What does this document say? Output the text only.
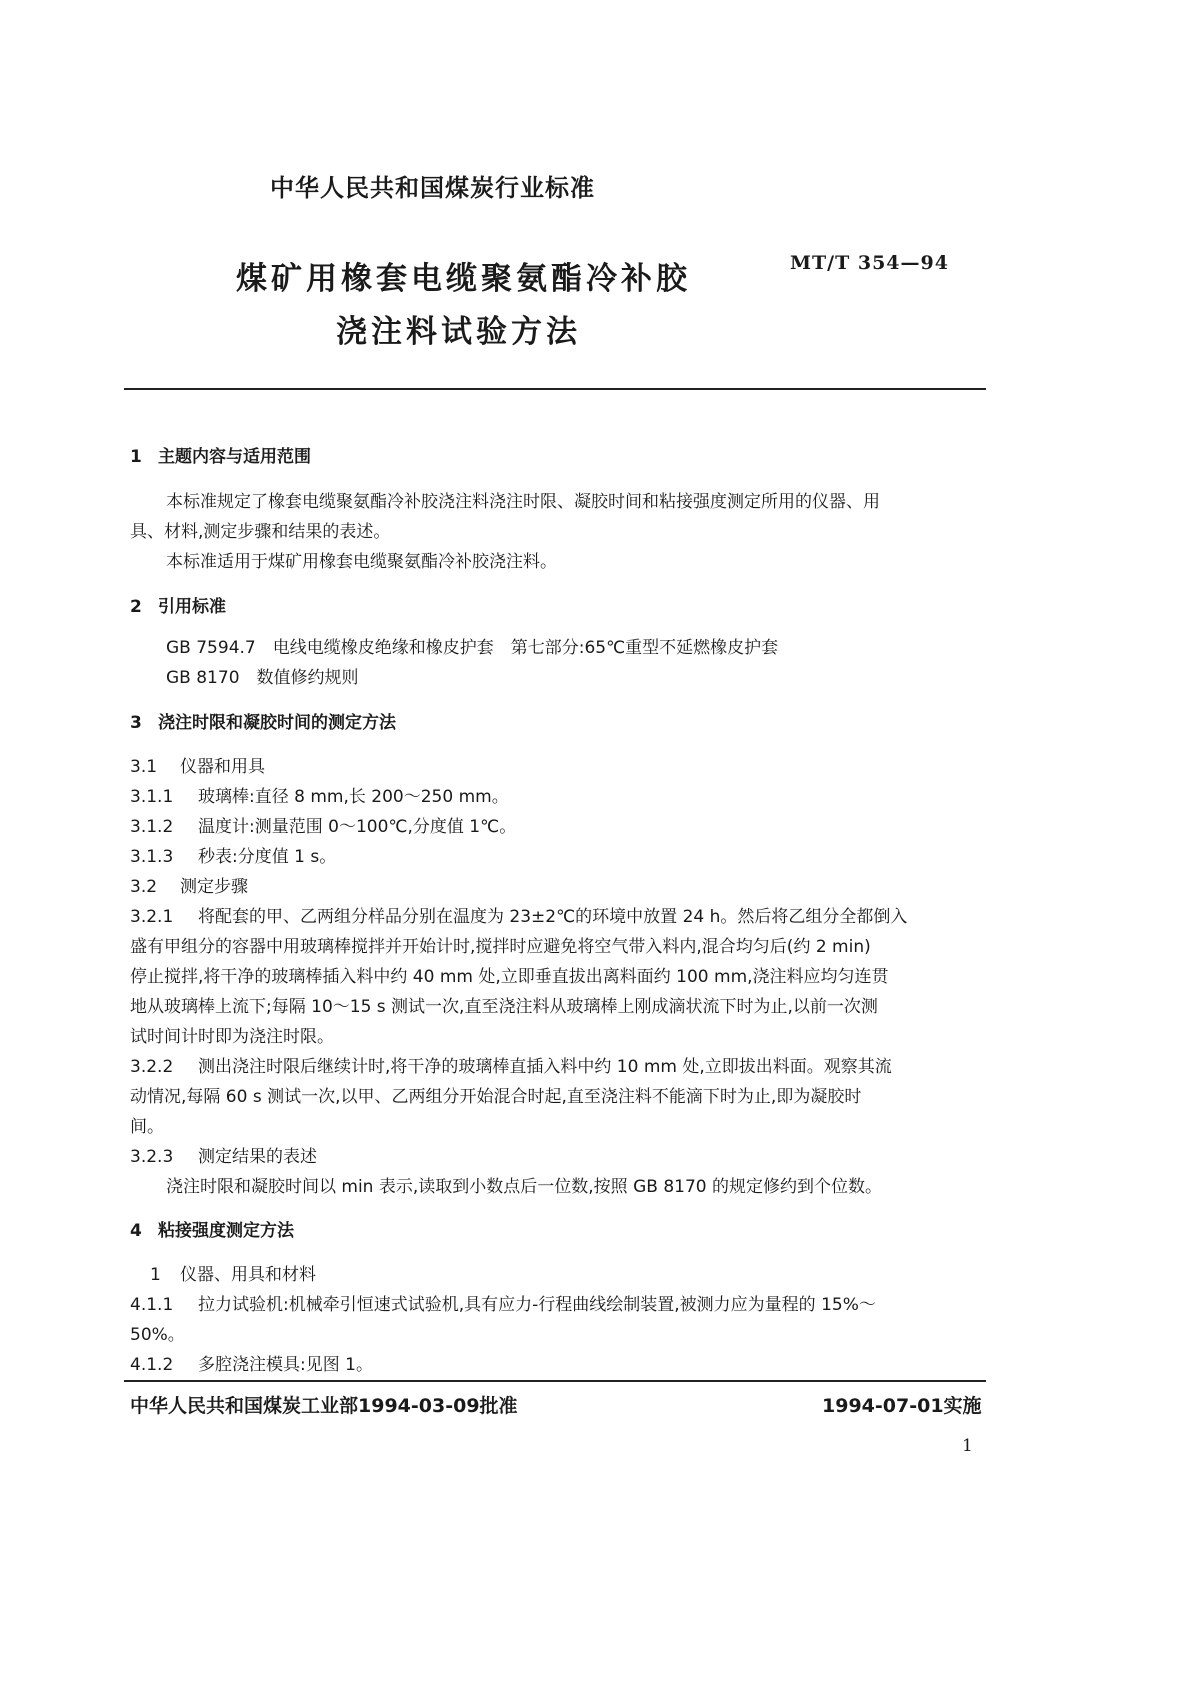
中华人民共和国煤炭行业标准
煤矿用橡套电缆聚氨酯冷补胶
浇注料试验方法
MT/T 354—94
1 主题内容与适用范围
本标准规定了橡套电缆聚氨酯冷补胶浇注料浇注时限、凝胶时间和粘接强度测定所用的仪器、用
具、材料,测定步骤和结果的表述。
本标准适用于煤矿用橡套电缆聚氨酯冷补胶浇注料。
2 引用标准
GB 7594.7　电线电缆橡皮绝缘和橡皮护套　第七部分:65℃重型不延燃橡皮护套
GB 8170　数值修约规则
3 浇注时限和凝胶时间的测定方法
3.1 仪器和用具
3.1.1 玻璃棒:直径 8 mm,长 200～250 mm。
3.1.2 温度计:测量范围 0～100℃,分度值 1℃。
3.1.3 秒表:分度值 1 s。
3.2 测定步骤
3.2.1 将配套的甲、乙两组分样品分别在温度为 23±2℃的环境中放置 24 h。然后将乙组分全都倒入
盛有甲组分的容器中用玻璃棒搅拌并开始计时,搅拌时应避免将空气带入料内,混合均匀后(约 2 min)
停止搅拌,将干净的玻璃棒插入料中约 40 mm 处,立即垂直拔出离料面约 100 mm,浇注料应均匀连贯
地从玻璃棒上流下;每隔 10～15 s 测试一次,直至浇注料从玻璃棒上刚成滴状流下时为止,以前一次测
试时间计时即为浇注时限。
3.2.2 测出浇注时限后继续计时,将干净的玻璃棒直插入料中约 10 mm 处,立即拔出料面。观察其流
动情况,每隔 60 s 测试一次,以甲、乙两组分开始混合时起,直至浇注料不能滴下时为止,即为凝胶时
间。
3.2.3 测定结果的表述
浇注时限和凝胶时间以 min 表示,读取到小数点后一位数,按照 GB 8170 的规定修约到个位数。
4 粘接强度测定方法
1 仪器、用具和材料
4.1.1 拉力试验机:机械牵引恒速式试验机,具有应力-行程曲线绘制装置,被测力应为量程的 15%～
50%。
4.1.2 多腔浇注模具:见图 1。
中华人民共和国煤炭工业部1994-03-09批准	1994-07-01实施
1
